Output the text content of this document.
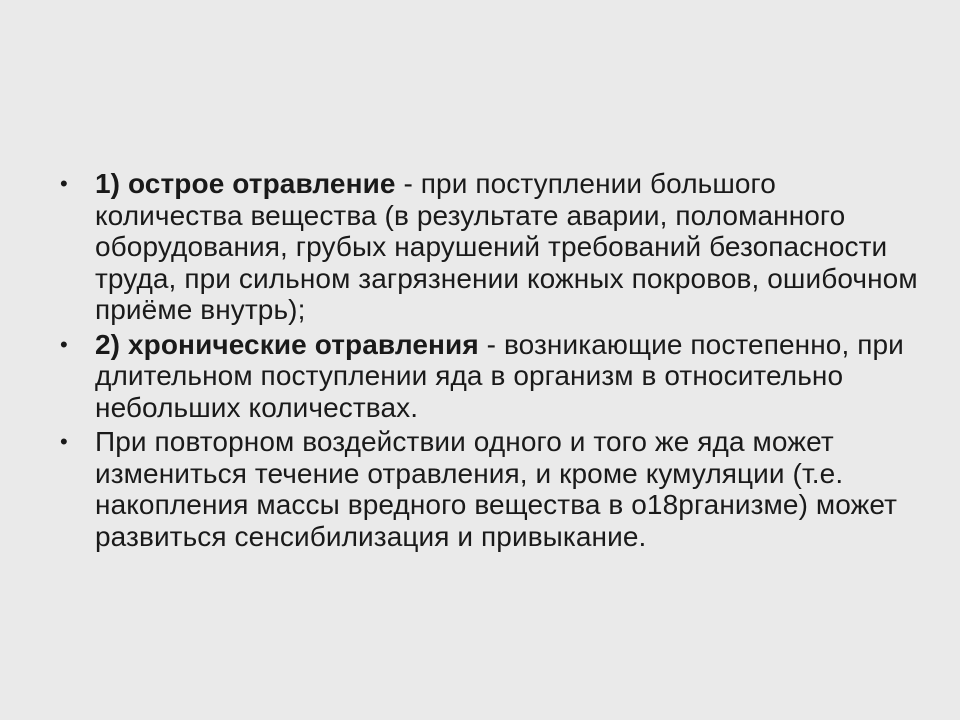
• 1) острое отравление - при поступлении большого количества вещества (в результате аварии, поломанного оборудования, грубых нарушений требований безопасности труда, при сильном загрязнении кожных покровов, ошибочном приёме внутрь);
• 2) хронические отравления - возникающие постепенно, при длительном поступлении яда в организм в относительно небольших количествах.
• При повторном воздействии одного и того же яда может измениться течение отравления, и кроме кумуляции (т.е. накопления массы вредного вещества в о18рганизме) может развиться сенсибилизация и привыкание.
